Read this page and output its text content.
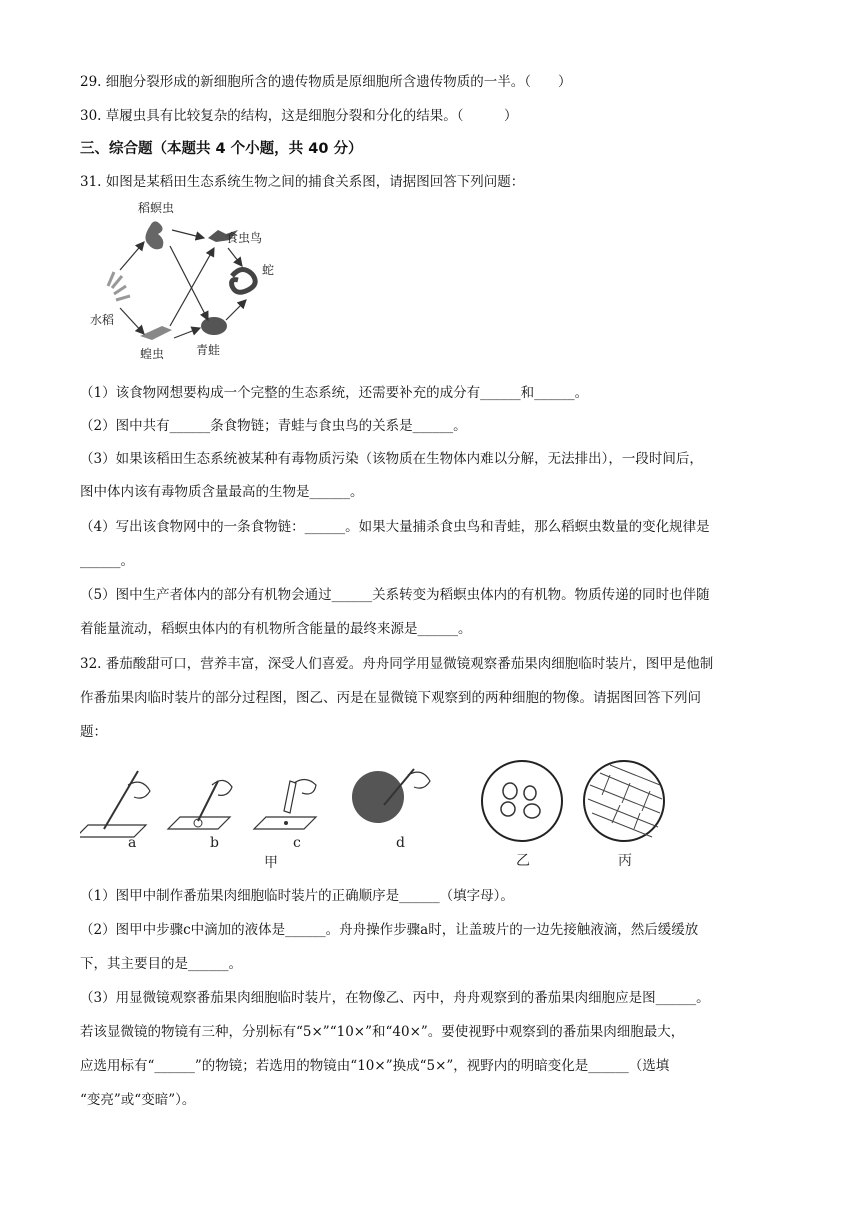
29. 细胞分裂形成的新细胞所含的遗传物质是原细胞所含遗传物质的一半。（　　）
30. 草履虫具有比较复杂的结构，这是细胞分裂和分化的结果。（　　　）
三、综合题（本题共 4 个小题，共 40 分）
31. 如图是某稻田生态系统生物之间的捕食关系图，请据图回答下列问题：
稻螟虫
食虫鸟
蛇
水稻
蝗虫	青蛙
（1）该食物网想要构成一个完整的生态系统，还需要补充的成分有______和______。
（2）图中共有______条食物链；青蛙与食虫鸟的关系是______。
（3）如果该稻田生态系统被某种有毒物质污染（该物质在生物体内难以分解，无法排出），一段时间后，
图中体内该有毒物质含量最高的生物是______。
（4）写出该食物网中的一条食物链：______。如果大量捕杀食虫鸟和青蛙，那么稻螟虫数量的变化规律是
______。
（5）图中生产者体内的部分有机物会通过______关系转变为稻螟虫体内的有机物。物质传递的同时也伴随
着能量流动，稻螟虫体内的有机物所含能量的最终来源是______。
32. 番茄酸甜可口，营养丰富，深受人们喜爱。舟舟同学用显微镜观察番茄果肉细胞临时装片，图甲是他制
作番茄果肉临时装片的部分过程图，图乙、丙是在显微镜下观察到的两种细胞的物像。请据图回答下列问
题：
a	b	c	d
甲	乙	丙
（1）图甲中制作番茄果肉细胞临时装片的正确顺序是______（填字母）。
（2）图甲中步骤c中滴加的液体是______。舟舟操作步骤a时，让盖玻片的一边先接触液滴，然后缓缓放
下，其主要目的是______。
（3）用显微镜观察番茄果肉细胞临时装片，在物像乙、丙中，舟舟观察到的番茄果肉细胞应是图______。
若该显微镜的物镜有三种，分别标有“5×”“10×”和“40×”。要使视野中观察到的番茄果肉细胞最大，
应选用标有“______”的物镜；若选用的物镜由“10×”换成“5×”，视野内的明暗变化是______（选填
“变亮”或“变暗”）。
